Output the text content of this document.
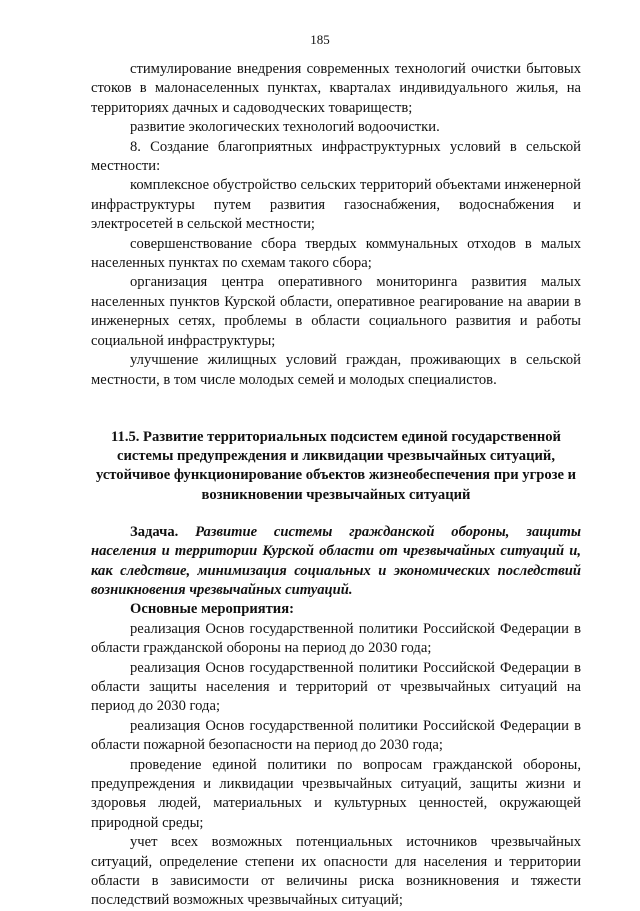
185

стимулирование внедрения современных технологий очистки бытовых стоков в малонаселенных пунктах, кварталах индивидуального жилья, на территориях дачных и садоводческих товариществ;

развитие экологических технологий водоочистки.

8. Создание благоприятных инфраструктурных условий в сельской местности:

комплексное обустройство сельских территорий объектами инженерной инфраструктуры путем развития газоснабжения, водоснабжения и электросетей в сельской местности;

совершенствование сбора твердых коммунальных отходов в малых населенных пунктах по схемам такого сбора;

организация центра оперативного мониторинга развития малых населенных пунктов Курской области, оперативное реагирование на аварии в инженерных сетях, проблемы в области социального развития и работы социальной инфраструктуры;

улучшение жилищных условий граждан, проживающих в сельской местности, в том числе молодых семей и молодых специалистов.

11.5. Развитие территориальных подсистем единой государственной системы предупреждения и ликвидации чрезвычайных ситуаций, устойчивое функционирование объектов жизнеобеспечения при угрозе и возникновении чрезвычайных ситуаций

Задача. Развитие системы гражданской обороны, защиты населения и территории Курской области от чрезвычайных ситуаций и, как следствие, минимизация социальных и экономических последствий возникновения чрезвычайных ситуаций.

Основные мероприятия:

реализация Основ государственной политики Российской Федерации в области гражданской обороны на период до 2030 года;

реализация Основ государственной политики Российской Федерации в области защиты населения и территорий от чрезвычайных ситуаций на период до 2030 года;

реализация Основ государственной политики Российской Федерации в области пожарной безопасности на период до 2030 года;

проведение единой политики по вопросам гражданской обороны, предупреждения и ликвидации чрезвычайных ситуаций, защиты жизни и здоровья людей, материальных и культурных ценностей, окружающей природной среды;

учет всех возможных потенциальных источников чрезвычайных ситуаций, определение степени их опасности для населения и территории области в зависимости от величины риска возникновения и тяжести последствий возможных чрезвычайных ситуаций;
